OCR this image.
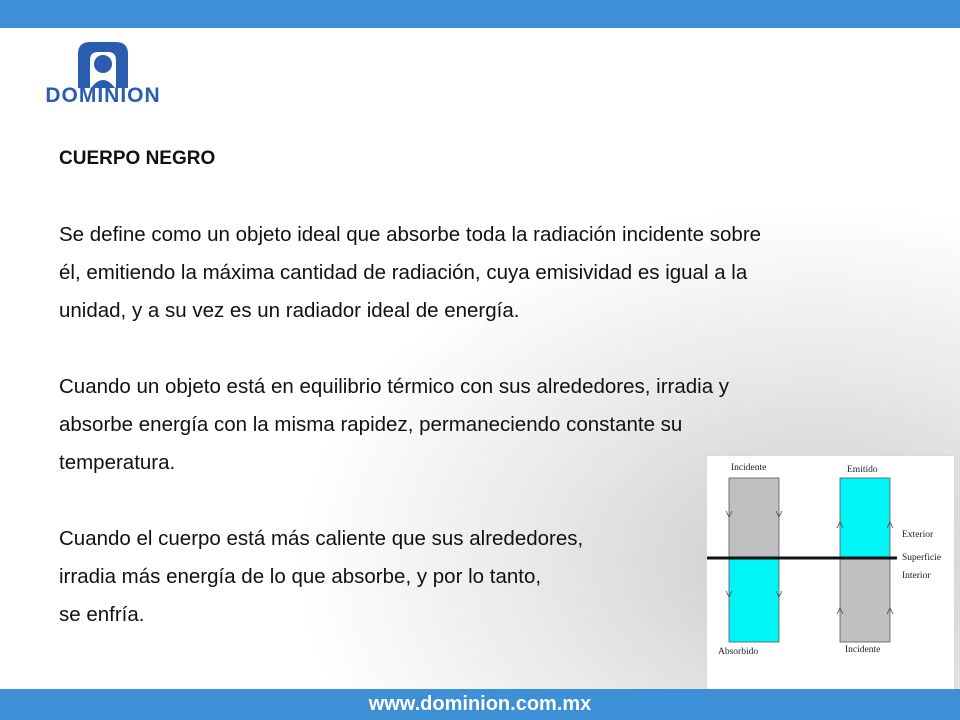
DOMINION

CUERPO NEGRO

Se define como un objeto ideal que absorbe toda la radiación incidente sobre

él, emitiendo la máxima cantidad de radiación, cuya emisividad es igual a la

unidad, y a su vez es un radiador ideal de energía.

Cuando un objeto está en equilibrio térmico con sus alrededores, irradia y

absorbe energía con la misma rapidez, permaneciendo constante su

temperatura.

Cuando el cuerpo está más caliente que sus alrededores,

irradia más energía de lo que absorbe, y por lo tanto,

se enfría.

Incidente	Emitido
Exterior
Superficie
Interior
Absorbido	Incidente
www.dominion.com.mx
